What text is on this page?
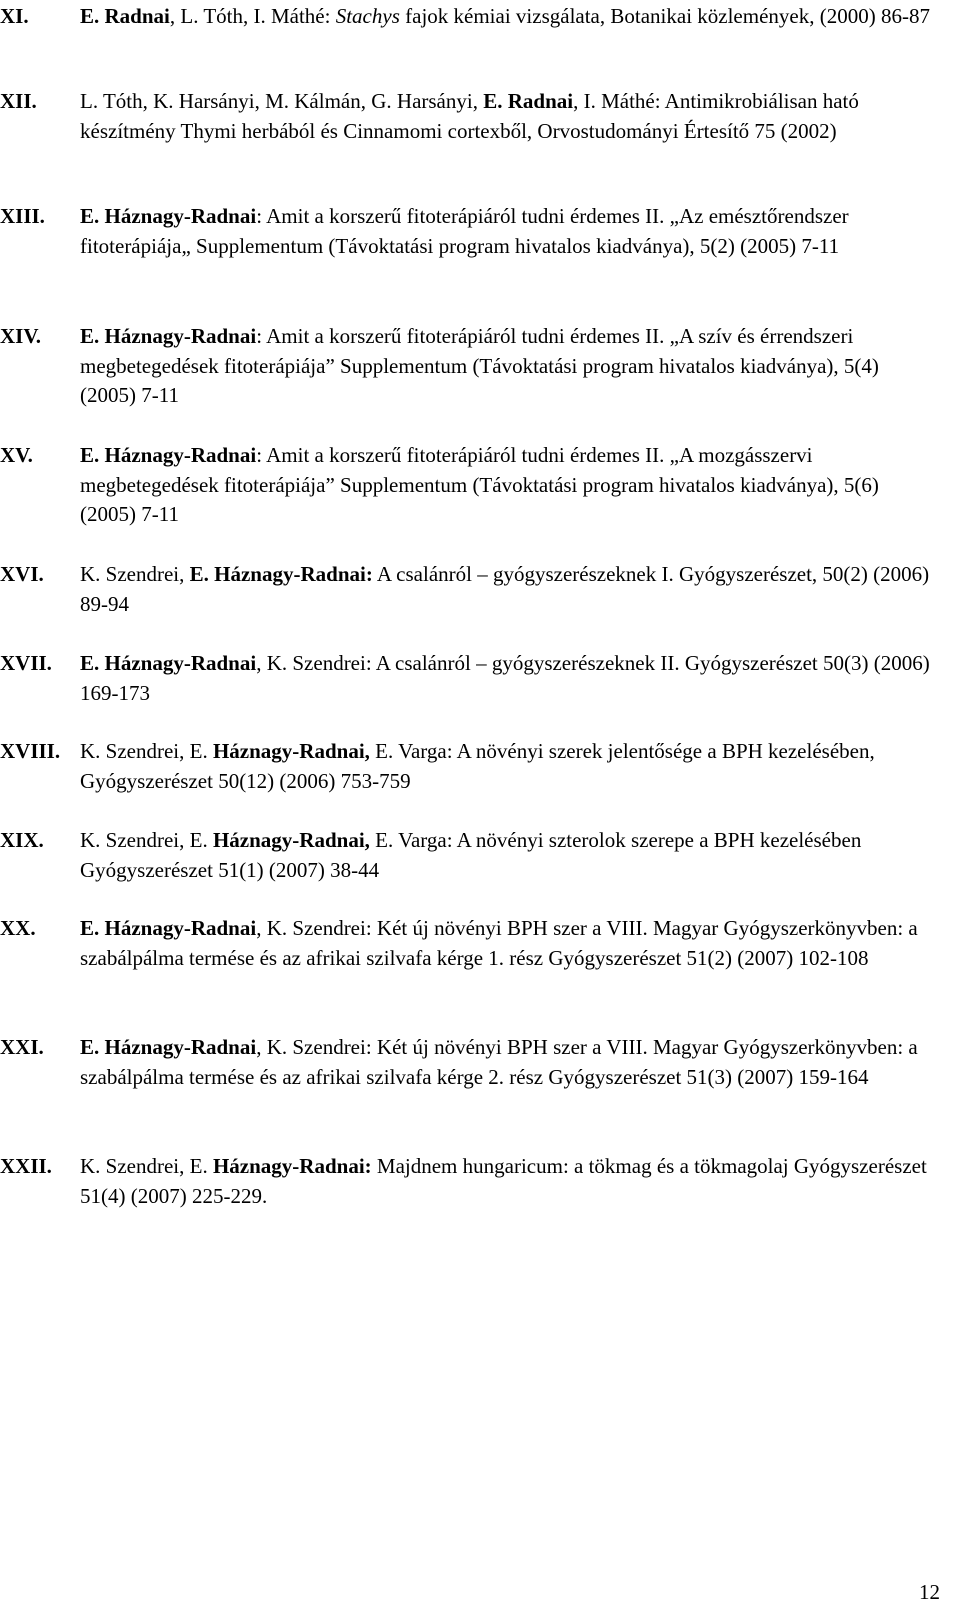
XI. E. Radnai, L. Tóth, I. Máthé: Stachys fajok kémiai vizsgálata, Botanikai közlemények, (2000) 86-87
XII. L. Tóth, K. Harsányi, M. Kálmán, G. Harsányi, E. Radnai, I. Máthé: Antimikrobiálisan ható készítmény Thymi herbából és Cinnamomi cortexből, Orvostudományi Értesítő 75 (2002)
XIII. E. Háznagy-Radnai: Amit a korszerű fitoterápiáról tudni érdemes II. „Az emésztőrendszer fitoterápiája„ Supplementum (Távoktatási program hivatalos kiadványa), 5(2) (2005) 7-11
XIV. E. Háznagy-Radnai: Amit a korszerű fitoterápiáról tudni érdemes II. „A szív és érrendszeri megbetegedések fitoterápiája” Supplementum (Távoktatási program hivatalos kiadványa), 5(4) (2005) 7-11
XV. E. Háznagy-Radnai: Amit a korszerű fitoterápiáról tudni érdemes II. „A mozgásszervi megbetegedések fitoterápiája” Supplementum (Távoktatási program hivatalos kiadványa), 5(6) (2005) 7-11
XVI. K. Szendrei, E. Háznagy-Radnai: A csalánról – gyógyszerészeknek I. Gyógyszerészet, 50(2) (2006) 89-94
XVII. E. Háznagy-Radnai, K. Szendrei: A csalánról – gyógyszerészeknek II. Gyógyszerészet 50(3) (2006) 169-173
XVIII. K. Szendrei, E. Háznagy-Radnai, E. Varga: A növényi szerek jelentősége a BPH kezelésében, Gyógyszerészet 50(12) (2006) 753-759
XIX. K. Szendrei, E. Háznagy-Radnai, E. Varga: A növényi szterolok szerepe a BPH kezelésében Gyógyszerészet 51(1) (2007) 38-44
XX. E. Háznagy-Radnai, K. Szendrei: Két új növényi BPH szer a VIII. Magyar Gyógyszerkönyvben: a szabálpálma termése és az afrikai szilvafa kérge 1. rész Gyógyszerészet 51(2) (2007) 102-108
XXI. E. Háznagy-Radnai, K. Szendrei: Két új növényi BPH szer a VIII. Magyar Gyógyszerkönyvben: a szabálpálma termése és az afrikai szilvafa kérge 2. rész Gyógyszerészet 51(3) (2007) 159-164
XXII. K. Szendrei, E. Háznagy-Radnai: Majdnem hungaricum: a tökmag és a tökmagolaj Gyógyszerészet 51(4) (2007) 225-229.
12
